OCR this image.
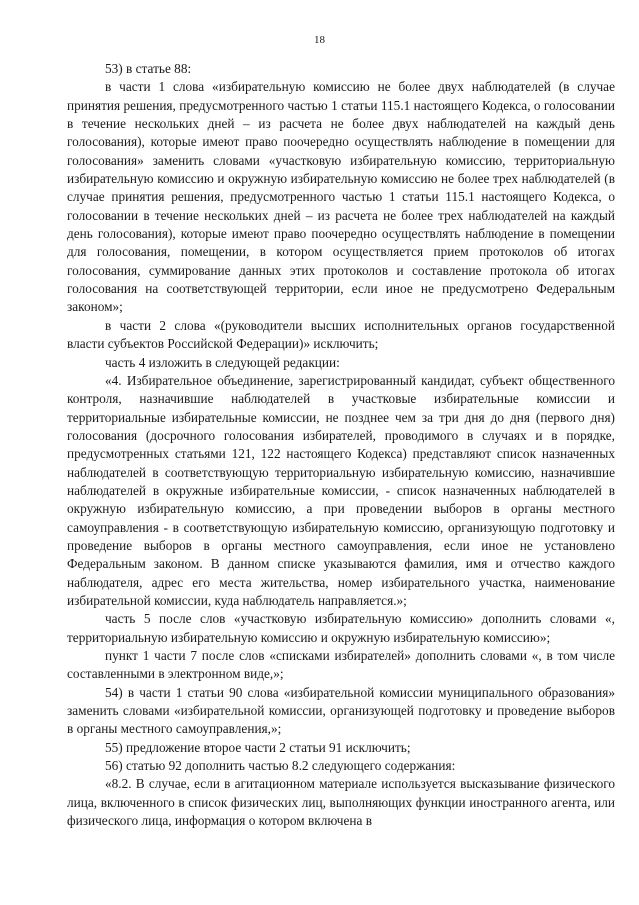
18

53) в статье 88:

в части 1 слова «избирательную комиссию не более двух наблюдателей (в случае принятия решения, предусмотренного частью 1 статьи 115.1 настоящего Кодекса, о голосовании в течение нескольких дней – из расчета не более двух наблюдателей на каждый день голосования), которые имеют право поочередно осуществлять наблюдение в помещении для голосования» заменить словами «участковую избирательную комиссию, территориальную избирательную комиссию и окружную избирательную комиссию не более трех наблюдателей (в случае принятия решения, предусмотренного частью 1 статьи 115.1 настоящего Кодекса, о голосовании в течение нескольких дней – из расчета не более трех наблюдателей на каждый день голосования), которые имеют право поочередно осуществлять наблюдение в помещении для голосования, помещении, в котором осуществляется прием протоколов об итогах голосования, суммирование данных этих протоколов и составление протокола об итогах голосования на соответствующей территории, если иное не предусмотрено Федеральным законом»;

в части 2 слова «(руководители высших исполнительных органов государственной власти субъектов Российской Федерации)» исключить;

часть 4 изложить в следующей редакции:

«4. Избирательное объединение, зарегистрированный кандидат, субъект общественного контроля, назначившие наблюдателей в участковые избирательные комиссии и территориальные избирательные комиссии, не позднее чем за три дня до дня (первого дня) голосования (досрочного голосования избирателей, проводимого в случаях и в порядке, предусмотренных статьями 121, 122 настоящего Кодекса) представляют список назначенных наблюдателей в соответствующую территориальную избирательную комиссию, назначившие наблюдателей в окружные избирательные комиссии, - список назначенных наблюдателей в окружную избирательную комиссию, а при проведении выборов в органы местного самоуправления - в соответствующую избирательную комиссию, организующую подготовку и проведение выборов в органы местного самоуправления, если иное не установлено Федеральным законом. В данном списке указываются фамилия, имя и отчество каждого наблюдателя, адрес его места жительства, номер избирательного участка, наименование избирательной комиссии, куда наблюдатель направляется.»;

часть 5 после слов «участковую избирательную комиссию» дополнить словами «, территориальную избирательную комиссию и окружную избирательную комиссию»;

пункт 1 части 7 после слов «списками избирателей» дополнить словами «, в том числе составленными в электронном виде,»;

54) в части 1 статьи 90 слова «избирательной комиссии муниципального образования» заменить словами «избирательной комиссии, организующей подготовку и проведение выборов в органы местного самоуправления,»;

55) предложение второе части 2 статьи 91 исключить;

56) статью 92 дополнить частью 8.2 следующего содержания:

«8.2. В случае, если в агитационном материале используется высказывание физического лица, включенного в список физических лиц, выполняющих функции иностранного агента, или физического лица, информация о котором включена в
